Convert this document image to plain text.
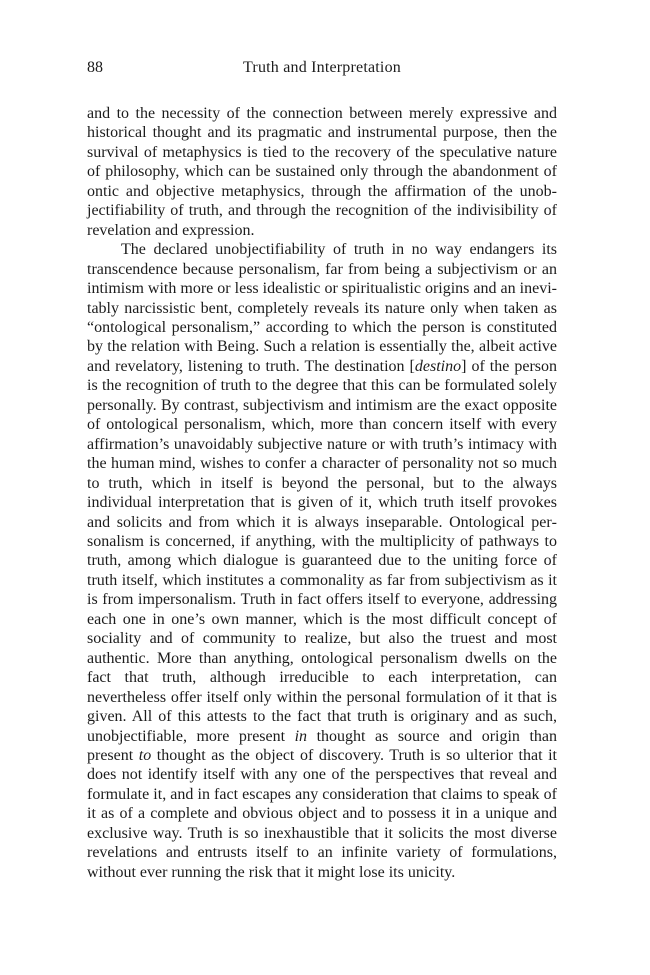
88	Truth and Interpretation

and to the necessity of the connection between merely expressive and historical thought and its pragmatic and instrumental purpose, then the survival of metaphysics is tied to the recovery of the speculative nature of philosophy, which can be sustained only through the abandonment of ontic and objective metaphysics, through the affirmation of the unobjectifiability of truth, and through the recognition of the indivisibility of revelation and expression.

The declared unobjectifiability of truth in no way endangers its transcendence because personalism, far from being a subjectivism or an intimism with more or less idealistic or spiritualistic origins and an inevitably narcissistic bent, completely reveals its nature only when taken as “ontological personalism,” according to which the person is constituted by the relation with Being. Such a relation is essentially the, albeit active and revelatory, listening to truth. The destination [destino] of the person is the recognition of truth to the degree that this can be formulated solely personally. By contrast, subjectivism and intimism are the exact opposite of ontological personalism, which, more than concern itself with every affirmation’s unavoidably subjective nature or with truth’s intimacy with the human mind, wishes to confer a character of personality not so much to truth, which in itself is beyond the personal, but to the always individual interpretation that is given of it, which truth itself provokes and solicits and from which it is always inseparable. Ontological personalism is concerned, if anything, with the multiplicity of pathways to truth, among which dialogue is guaranteed due to the uniting force of truth itself, which institutes a commonality as far from subjectivism as it is from impersonalism. Truth in fact offers itself to everyone, addressing each one in one’s own manner, which is the most difficult concept of sociality and of community to realize, but also the truest and most authentic. More than anything, ontological personalism dwells on the fact that truth, although irreducible to each interpretation, can nevertheless offer itself only within the personal formulation of it that is given. All of this attests to the fact that truth is originary and as such, unobjectifiable, more present in thought as source and origin than present to thought as the object of discovery. Truth is so ulterior that it does not identify itself with any one of the perspectives that reveal and formulate it, and in fact escapes any consideration that claims to speak of it as of a complete and obvious object and to possess it in a unique and exclusive way. Truth is so inexhaustible that it solicits the most diverse revelations and entrusts itself to an infinite variety of formulations, without ever running the risk that it might lose its unicity.
